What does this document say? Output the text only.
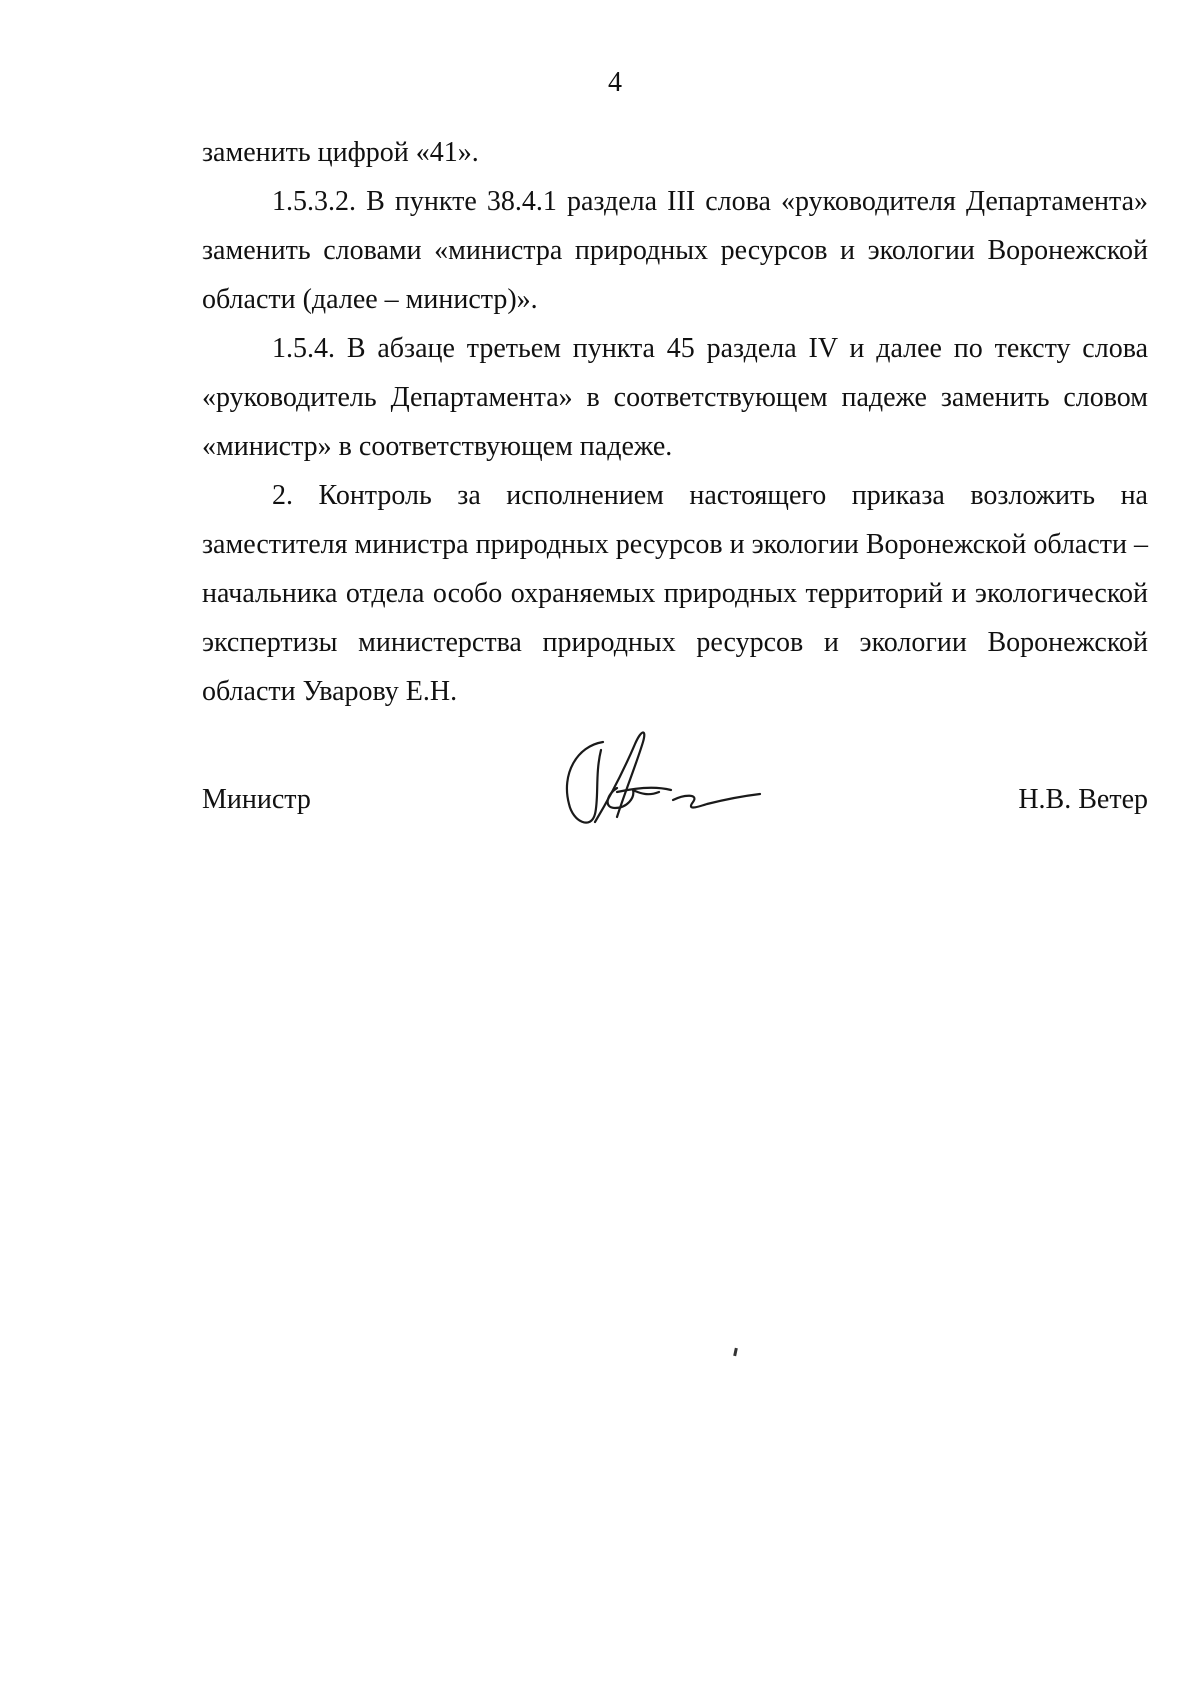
4

заменить цифрой «41».

1.5.3.2. В пункте 38.4.1 раздела III слова «руководителя Департамента» заменить словами «министра природных ресурсов и экологии Воронежской области (далее – министр)».

1.5.4. В абзаце третьем пункта 45 раздела IV и далее по тексту слова «руководитель Департамента» в соответствующем падеже заменить словом «министр» в соответствующем падеже.

2. Контроль за исполнением настоящего приказа возложить на заместителя министра природных ресурсов и экологии Воронежской области – начальника отдела особо охраняемых природных территорий и экологической экспертизы министерства природных ресурсов и экологии Воронежской области Уварову Е.Н.

Министр	Н.В. Ветер
